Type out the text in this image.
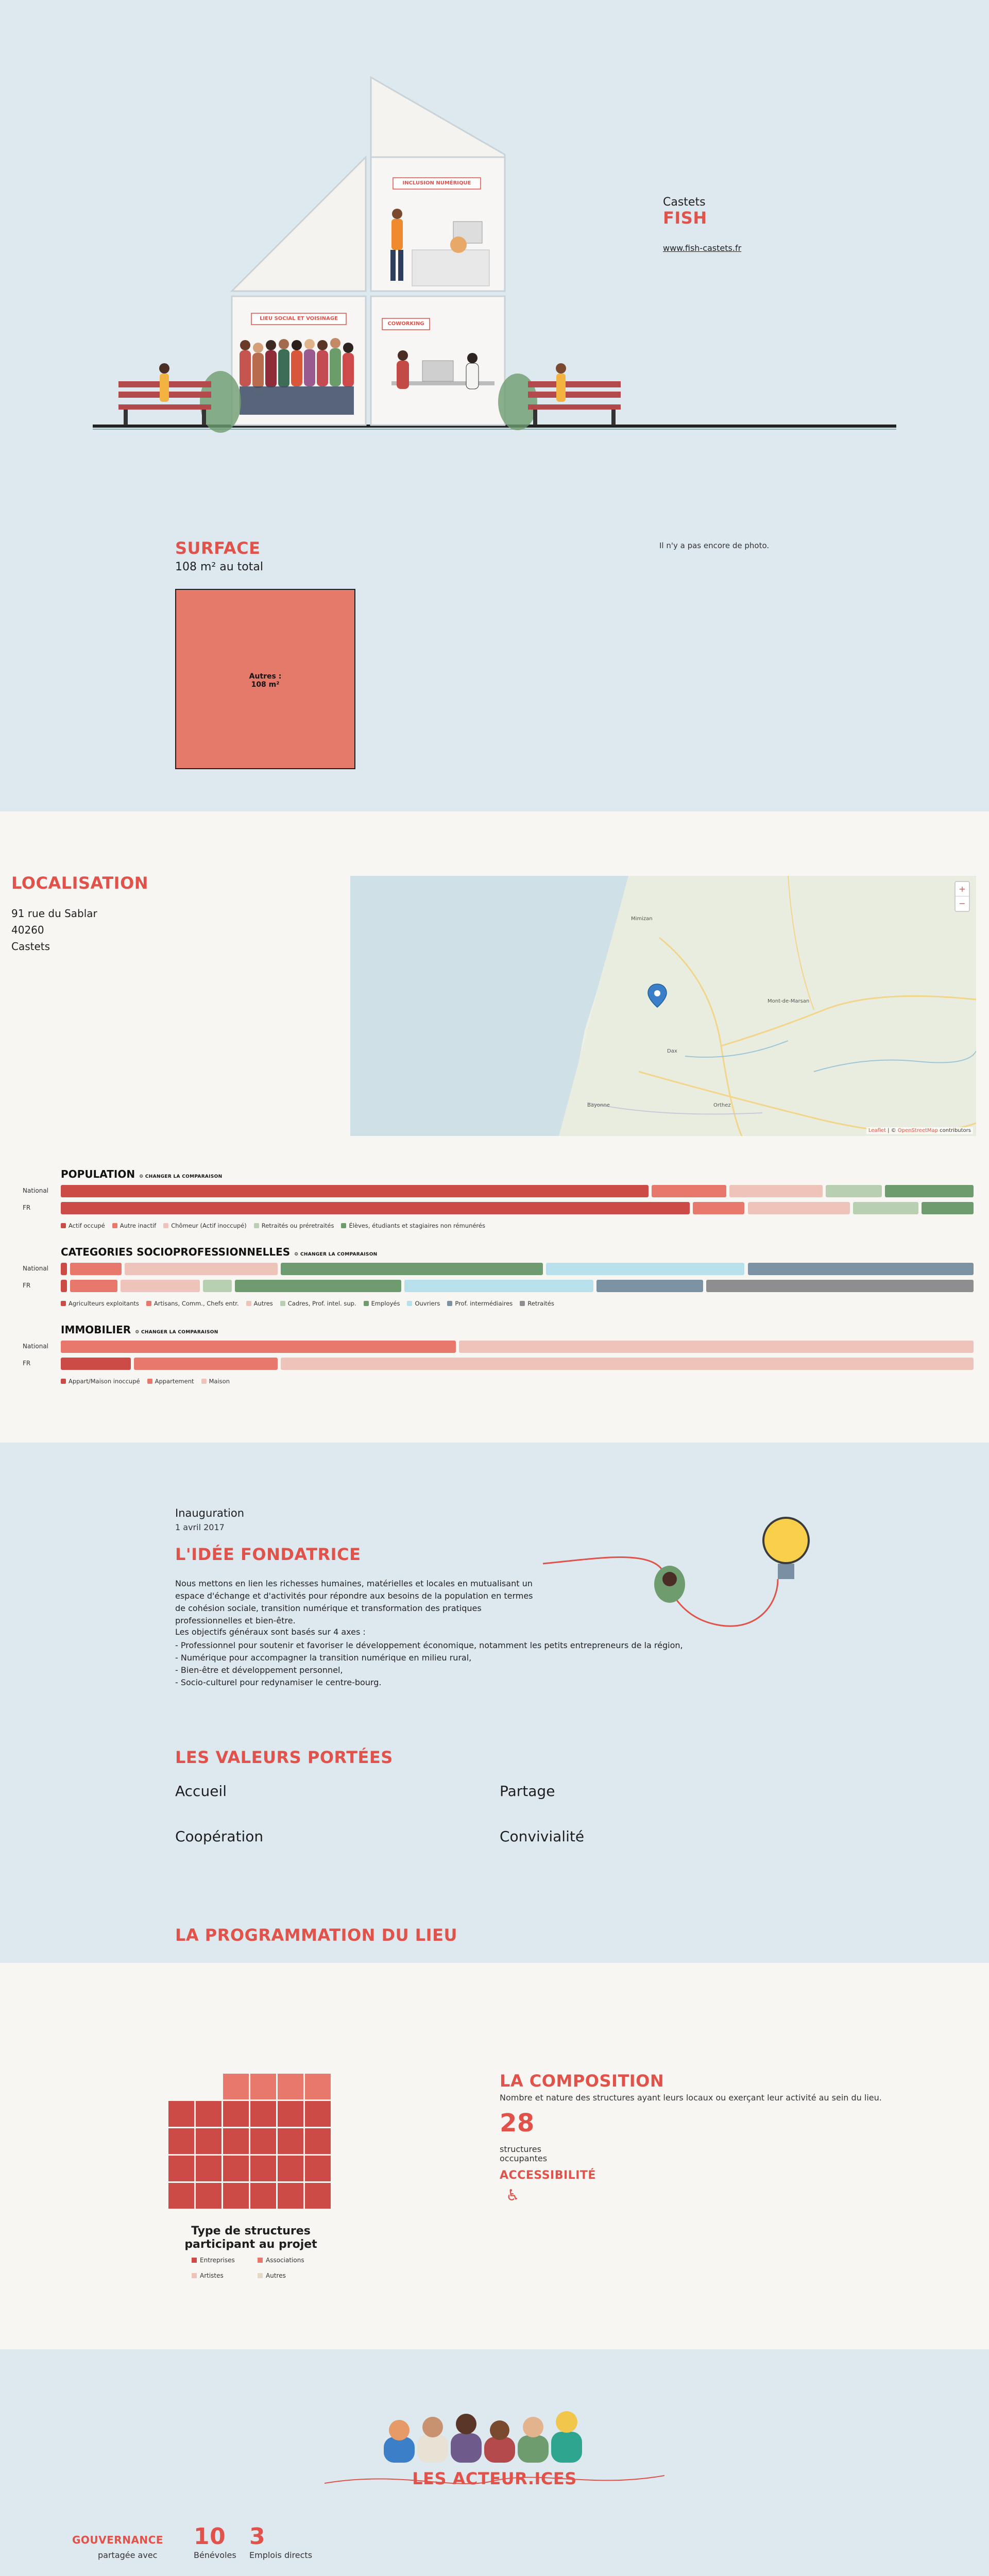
INCLUSION NUMÉRIQUE
LIEU SOCIAL ET VOISINAGE
COWORKING
Castets
FISH
www.fish-castets.fr
SURFACE
108 m² au total
Autres :
108 m²
Il n'y a pas encore de photo.
LOCALISATION
91 rue du Sablar
40260
Castets
Mimizan
Mont-de-Marsan
Dax
Bayonne	Orthez
+
−
Leaflet | © OpenStreetMap contributors
POPULATION ⚙ CHANGER LA COMPARAISON
National
FR
Actif occupé	Autre inactif	Chômeur (Actif inoccupé)	Retraités ou préretraités	Élèves, étudiants et stagiaires non rémunérés
CATEGORIES SOCIOPROFESSIONNELLES ⚙ CHANGER LA COMPARAISON
National
FR
Agriculteurs exploitants	Artisans, Comm., Chefs entr.	Autres	Cadres, Prof. intel. sup.	Employés	Ouvriers	Prof. intermédiaires	Retraités
IMMOBILIER ⚙ CHANGER LA COMPARAISON
National
FR
Appart/Maison inoccupé	Appartement	Maison
Inauguration
1 avril 2017
L'IDÉE FONDATRICE
Nous mettons en lien les richesses humaines, matérielles et locales en mutualisant un espace d'échange et d'activités pour répondre aux besoins de la population en termes de cohésion sociale, transition numérique et transformation des pratiques professionnelles et bien-être.
Les objectifs généraux sont basés sur 4 axes :
- Professionnel pour soutenir et favoriser le développement économique, notamment les petits entrepreneurs de la région,
- Numérique pour accompagner la transition numérique en milieu rural,
- Bien-être et développement personnel,
- Socio-culturel pour redynamiser le centre-bourg.
LES VALEURS PORTÉES
Accueil	Partage
Coopération	Convivialité
LA PROGRAMMATION DU LIEU
Type de structures
participant au projet
Entreprises	Associations
Artistes	Autres
LA COMPOSITION
Nombre et nature des structures ayant leurs locaux ou exerçant leur activité au sein du lieu.
28
structures
occupantes
ACCESSIBILITÉ
♿
LES ACTEUR.ICES
GOUVERNANCE
partagée avec
10
Bénévoles
3
Emplois directs
